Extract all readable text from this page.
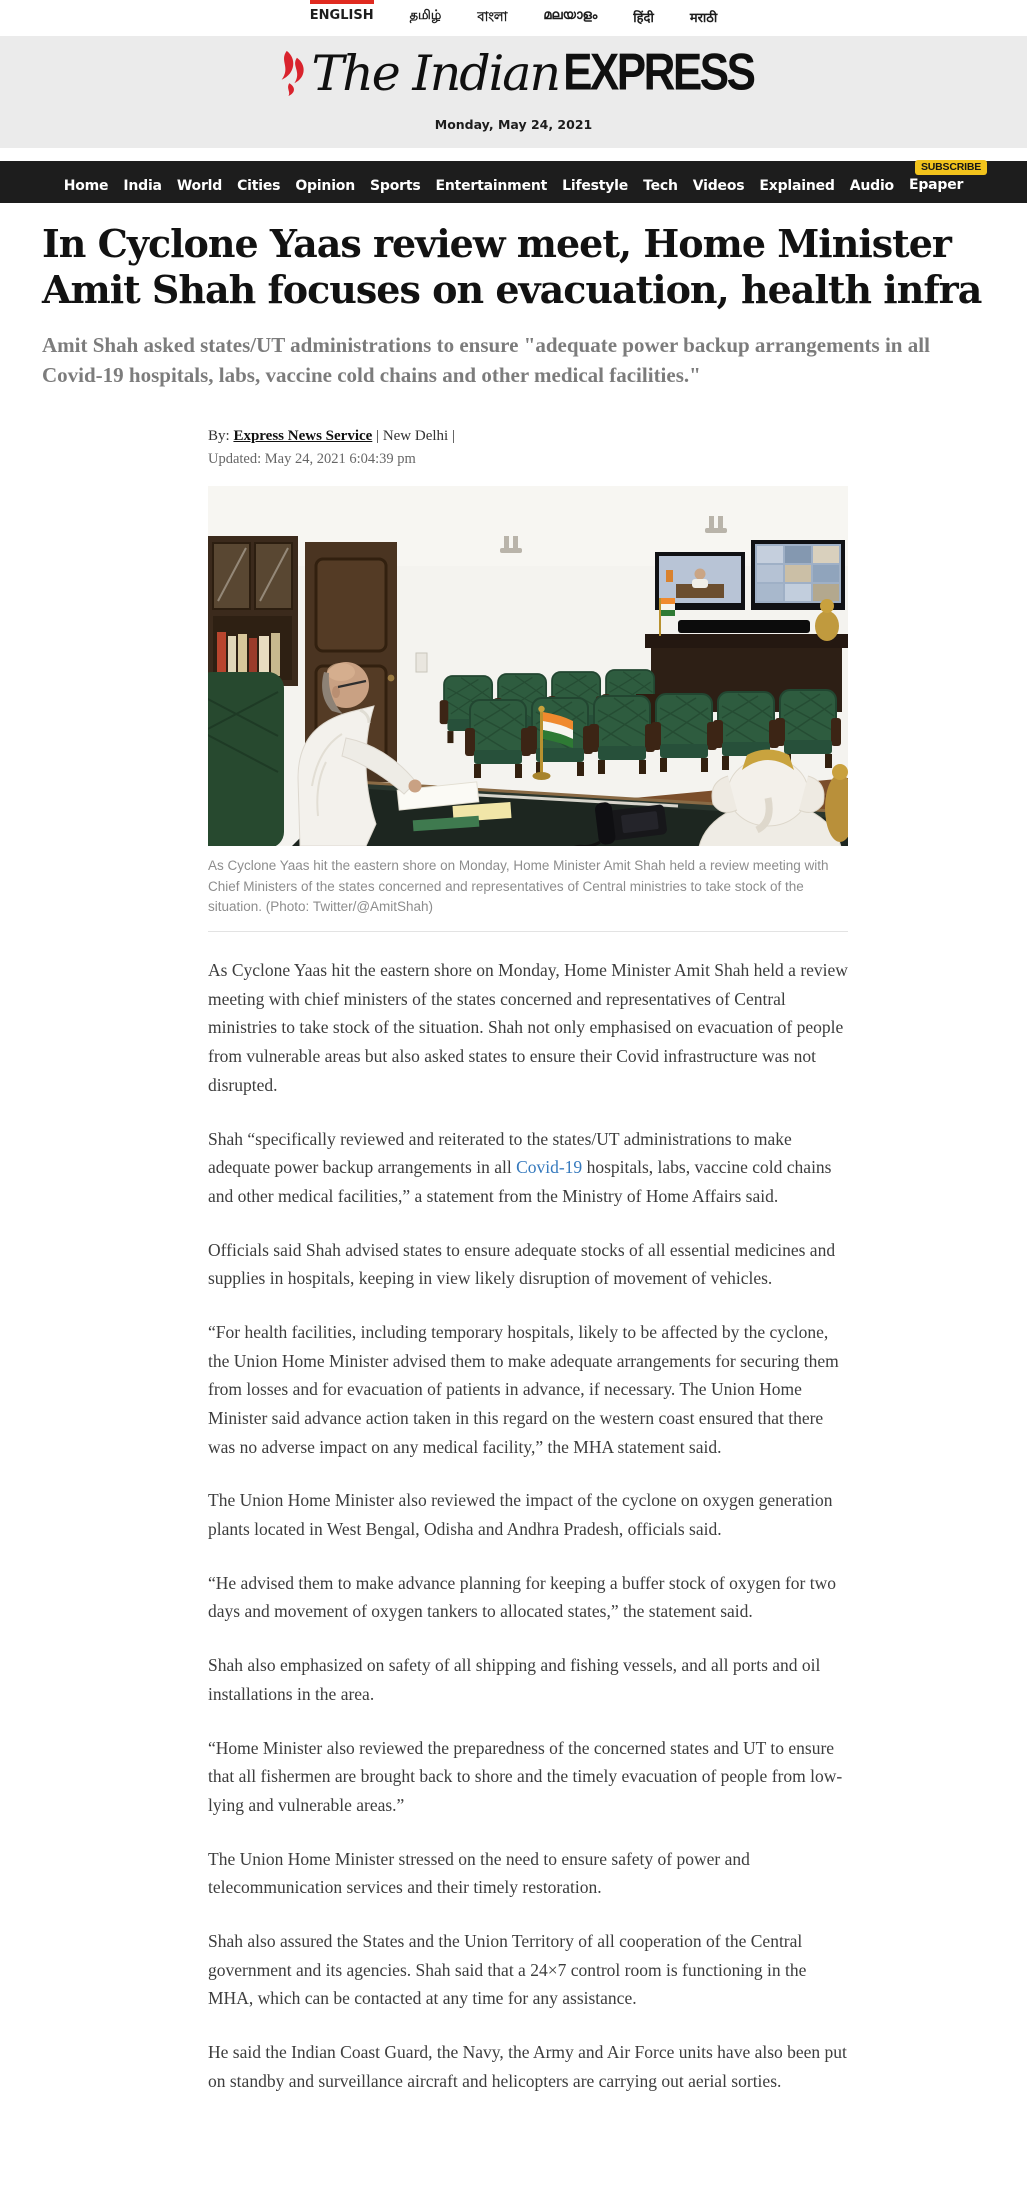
ENGLISH	தமிழ்	বাংলা	മലയാളം	हिंदी	मराठी
The Indian EXPRESS
Monday, May 24, 2021
Home India World Cities Opinion Sports Entertainment Lifestyle Tech Videos Explained Audio
SUBSCRIBE
Epaper
In Cyclone Yaas review meet, Home Minister Amit Shah focuses on evacuation, health infra
Amit Shah asked states/UT administrations to ensure "adequate power backup arrangements in all Covid-19 hospitals, labs, vaccine cold chains and other medical facilities."
By: Express News Service | New Delhi |
Updated: May 24, 2021 6:04:39 pm
As Cyclone Yaas hit the eastern shore on Monday, Home Minister Amit Shah held a review meeting with Chief Ministers of the states concerned and representatives of Central ministries to take stock of the situation. (Photo: Twitter/@AmitShah)

As Cyclone Yaas hit the eastern shore on Monday, Home Minister Amit Shah held a review meeting with chief ministers of the states concerned and representatives of Central ministries to take stock of the situation. Shah not only emphasised on evacuation of people from vulnerable areas but also asked states to ensure their Covid infrastructure was not disrupted.

Shah “specifically reviewed and reiterated to the states/UT administrations to make adequate power backup arrangements in all Covid-19 hospitals, labs, vaccine cold chains and other medical facilities,” a statement from the Ministry of Home Affairs said.

Officials said Shah advised states to ensure adequate stocks of all essential medicines and supplies in hospitals, keeping in view likely disruption of movement of vehicles.

“For health facilities, including temporary hospitals, likely to be affected by the cyclone, the Union Home Minister advised them to make adequate arrangements for securing them from losses and for evacuation of patients in advance, if necessary. The Union Home Minister said advance action taken in this regard on the western coast ensured that there was no adverse impact on any medical facility,” the MHA statement said.

The Union Home Minister also reviewed the impact of the cyclone on oxygen generation plants located in West Bengal, Odisha and Andhra Pradesh, officials said.

“He advised them to make advance planning for keeping a buffer stock of oxygen for two days and movement of oxygen tankers to allocated states,” the statement said.

Shah also emphasized on safety of all shipping and fishing vessels, and all ports and oil installations in the area.

“Home Minister also reviewed the preparedness of the concerned states and UT to ensure that all fishermen are brought back to shore and the timely evacuation of people from low-lying and vulnerable areas.”

The Union Home Minister stressed on the need to ensure safety of power and telecommunication services and their timely restoration.

Shah also assured the States and the Union Territory of all cooperation of the Central government and its agencies. Shah said that a 24×7 control room is functioning in the MHA, which can be contacted at any time for any assistance.

He said the Indian Coast Guard, the Navy, the Army and Air Force units have also been put on standby and surveillance aircraft and helicopters are carrying out aerial sorties.
